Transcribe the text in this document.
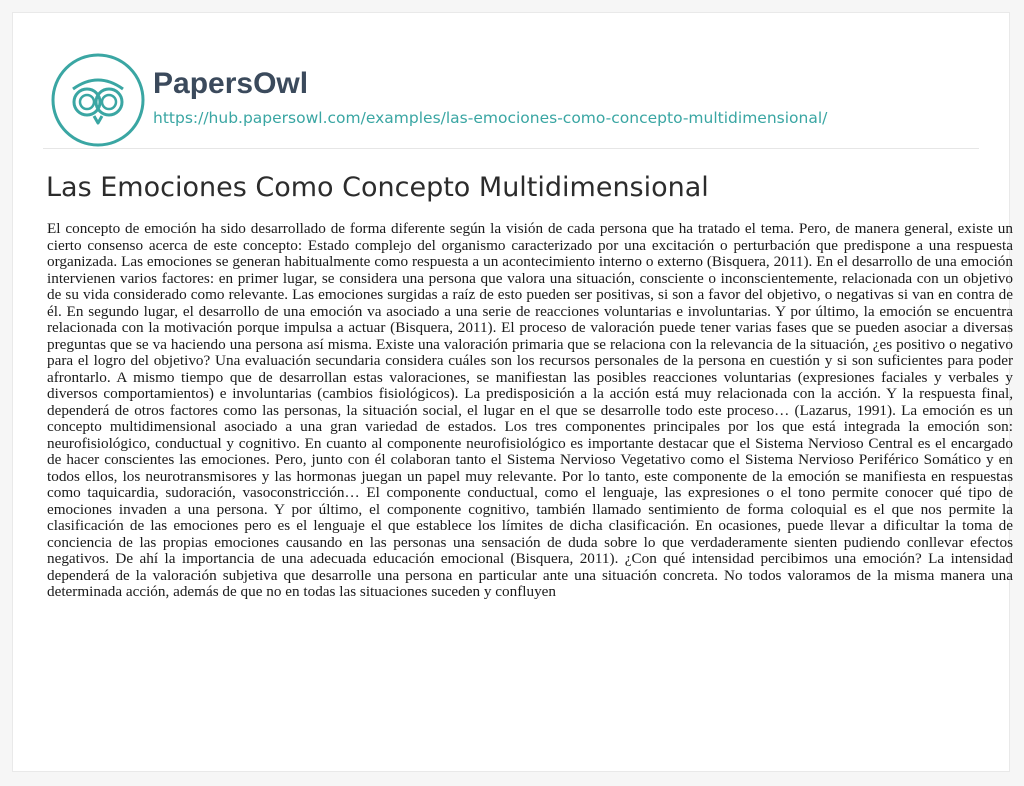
PapersOwl
https://hub.papersowl.com/examples/las-emociones-como-concepto-multidimensional/
Las Emociones Como Concepto Multidimensional

El concepto de emoción ha sido desarrollado de forma diferente según la visión de cada persona que ha tratado el tema. Pero, de manera general, existe un cierto consenso acerca de este concepto: Estado complejo del organismo caracterizado por una excitación o perturbación que predispone a una respuesta organizada. Las emociones se generan habitualmente como respuesta a un acontecimiento interno o externo (Bisquera, 2011). En el desarrollo de una emoción intervienen varios factores: en primer lugar, se considera una persona que valora una situación, consciente o inconscientemente, relacionada con un objetivo de su vida considerado como relevante. Las emociones surgidas a raíz de esto pueden ser positivas, si son a favor del objetivo, o negativas si van en contra de él. En segundo lugar, el desarrollo de una emoción va asociado a una serie de reacciones voluntarias e involuntarias. Y por último, la emoción se encuentra relacionada con la motivación porque impulsa a actuar (Bisquera, 2011). El proceso de valoración puede tener varias fases que se pueden asociar a diversas preguntas que se va haciendo una persona así misma. Existe una valoración primaria que se relaciona con la relevancia de la situación, ¿es positivo o negativo para el logro del objetivo? Una evaluación secundaria considera cuáles son los recursos personales de la persona en cuestión y si son suficientes para poder afrontarlo. A mismo tiempo que de desarrollan estas valoraciones, se manifiestan las posibles reacciones voluntarias (expresiones faciales y verbales y diversos comportamientos) e involuntarias (cambios fisiológicos). La predisposición a la acción está muy relacionada con la acción. Y la respuesta final, dependerá de otros factores como las personas, la situación social, el lugar en el que se desarrolle todo este proceso… (Lazarus, 1991). La emoción es un concepto multidimensional asociado a una gran variedad de estados. Los tres componentes principales por los que está integrada la emoción son: neurofisiológico, conductual y cognitivo. En cuanto al componente neurofisiológico es importante destacar que el Sistema Nervioso Central es el encargado de hacer conscientes las emociones. Pero, junto con él colaboran tanto el Sistema Nervioso Vegetativo como el Sistema Nervioso Periférico Somático y en todos ellos, los neurotransmisores y las hormonas juegan un papel muy relevante. Por lo tanto, este componente de la emoción se manifiesta en respuestas como taquicardia, sudoración, vasoconstricción… El componente conductual, como el lenguaje, las expresiones o el tono permite conocer qué tipo de emociones invaden a una persona. Y por último, el componente cognitivo, también llamado sentimiento de forma coloquial es el que nos permite la clasificación de las emociones pero es el lenguaje el que establece los límites de dicha clasificación. En ocasiones, puede llevar a dificultar la toma de conciencia de las propias emociones causando en las personas una sensación de duda sobre lo que verdaderamente sienten pudiendo conllevar efectos negativos. De ahí la importancia de una adecuada educación emocional (Bisquera, 2011). ¿Con qué intensidad percibimos una emoción? La intensidad dependerá de la valoración subjetiva que desarrolle una persona en particular ante una situación concreta. No todos valoramos de la misma manera una determinada acción, además de que no en todas las situaciones suceden y confluyen
